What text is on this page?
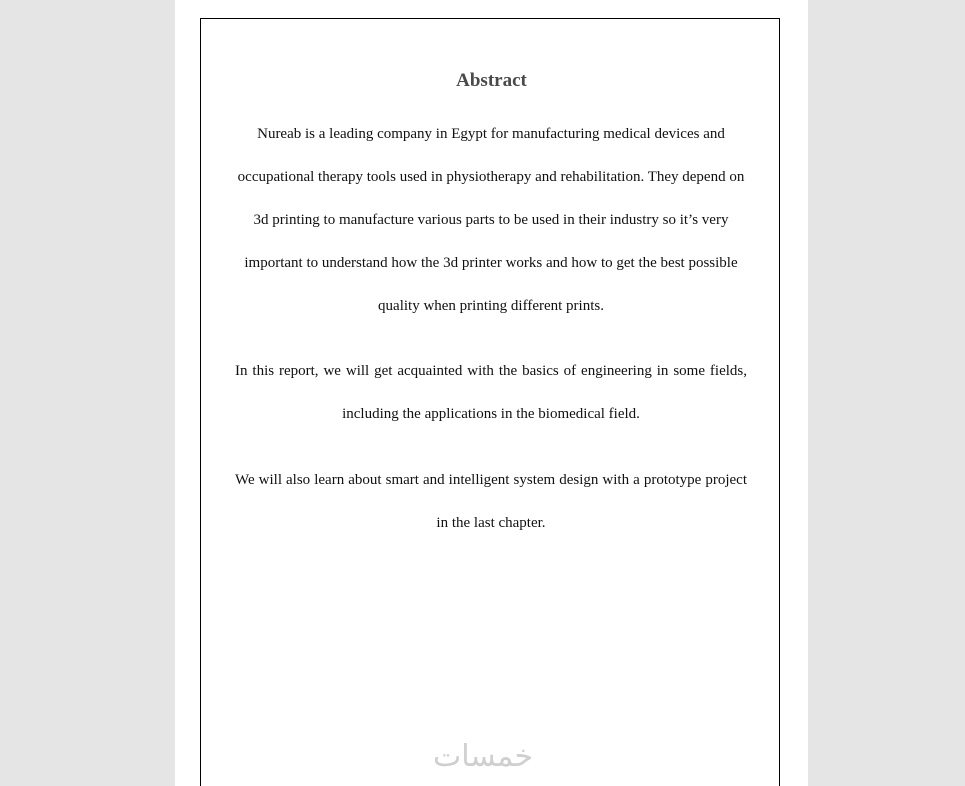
Abstract

Nureab is a leading company in Egypt for manufacturing medical devices and occupational therapy tools used in physiotherapy and rehabilitation. They depend on 3d printing to manufacture various parts to be used in their industry so it’s very important to understand how the 3d printer works and how to get the best possible quality when printing different prints.

In this report, we will get acquainted with the basics of engineering in some fields, including the applications in the biomedical field.

We will also learn about smart and intelligent system design with a prototype project in the last chapter.

خمسات
